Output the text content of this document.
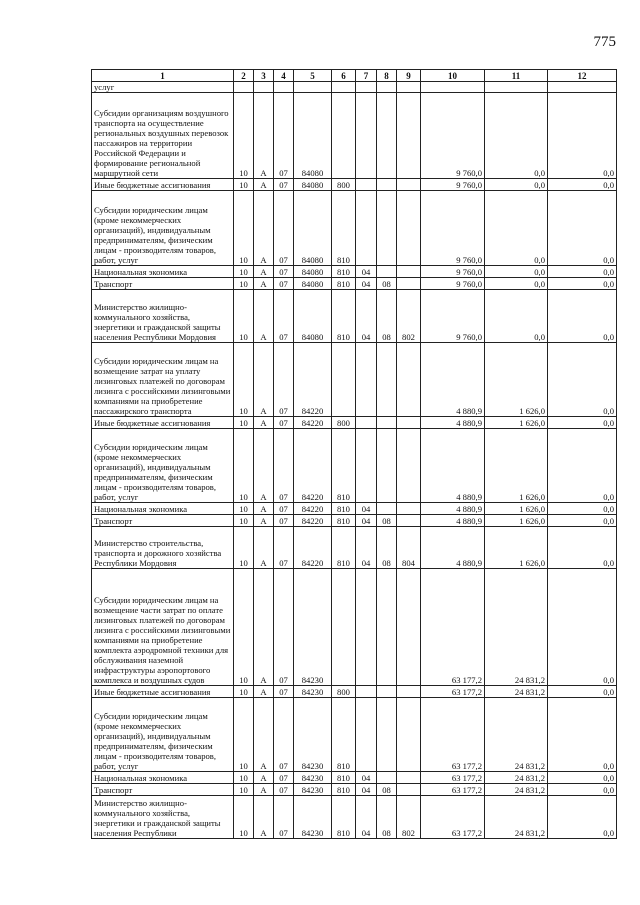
775
1	2	3	4	5	6	7	8	9	10	11	12
услуг											
Субсидии организациям воздушного транспорта на осуществление региональных воздушных перевозок пассажиров на территории Российской Федерации и формирование региональной маршрутной сети	10	А	07	84080					9 760,0	0,0	0,0
Иные бюджетные ассигнования	10	А	07	84080	800				9 760,0	0,0	0,0
Субсидии юридическим лицам (кроме некоммерческих организаций), индивидуальным предпринимателям, физическим лицам - производителям товаров, работ, услуг	10	А	07	84080	810				9 760,0	0,0	0,0
Национальная экономика	10	А	07	84080	810	04			9 760,0	0,0	0,0
Транспорт	10	А	07	84080	810	04	08		9 760,0	0,0	0,0
Министерство жилищно-коммунального хозяйства, энергетики и гражданской защиты населения Республики Мордовия	10	А	07	84080	810	04	08	802	9 760,0	0,0	0,0
Субсидии юридическим лицам на возмещение затрат на уплату лизинговых платежей по договорам лизинга с российскими лизинговыми компаниями на приобретение пассажирского транспорта	10	А	07	84220					4 880,9	1 626,0	0,0
Иные бюджетные ассигнования	10	А	07	84220	800				4 880,9	1 626,0	0,0
Субсидии юридическим лицам (кроме некоммерческих организаций), индивидуальным предпринимателям, физическим лицам - производителям товаров, работ, услуг	10	А	07	84220	810				4 880,9	1 626,0	0,0
Национальная экономика	10	А	07	84220	810	04			4 880,9	1 626,0	0,0
Транспорт	10	А	07	84220	810	04	08		4 880,9	1 626,0	0,0
Министерство строительства, транспорта и дорожного хозяйства Республики Мордовия	10	А	07	84220	810	04	08	804	4 880,9	1 626,0	0,0
Субсидии юридическим лицам на возмещение части затрат по оплате лизинговых платежей по договорам лизинга с российскими лизинговыми компаниями на приобретение комплекта аэродромной техники для обслуживания наземной инфраструктуры аэропортового комплекса и воздушных судов	10	А	07	84230					63 177,2	24 831,2	0,0
Иные бюджетные ассигнования	10	А	07	84230	800				63 177,2	24 831,2	0,0
Субсидии юридическим лицам (кроме некоммерческих организаций), индивидуальным предпринимателям, физическим лицам - производителям товаров, работ, услуг	10	А	07	84230	810				63 177,2	24 831,2	0,0
Национальная экономика	10	А	07	84230	810	04			63 177,2	24 831,2	0,0
Транспорт	10	А	07	84230	810	04	08		63 177,2	24 831,2	0,0
Министерство жилищно-коммунального хозяйства, энергетики и гражданской защиты населения Республики	10	А	07	84230	810	04	08	802	63 177,2	24 831,2	0,0
